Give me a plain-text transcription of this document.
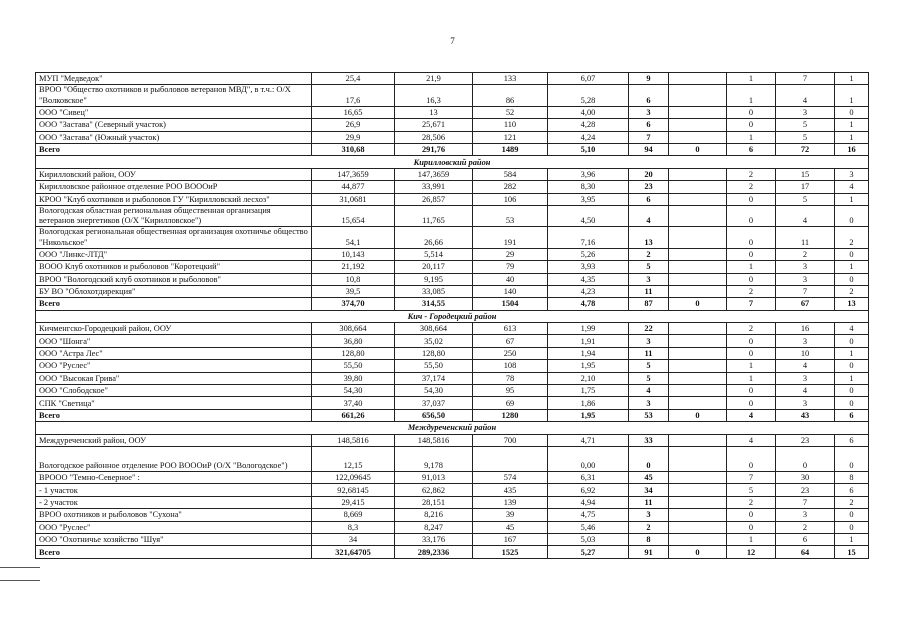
7
МУП "Медведок"	25,4	21,9	133	6,07	9		1	7	1
ВРОО "Общество охотников и рыболовов ветеранов МВД", в т.ч.: О/Х "Волковское"	17,6	16,3	86	5,28	6		1	4	1
ООО "Сивец"	16,65	13	52	4,00	3		0	3	0
ООО "Застава" (Северный участок)	26,9	25,671	110	4,28	6		0	5	1
ООО "Застава" (Южный участок)	29,9	28,506	121	4,24	7		1	5	1
Всего	310,68	291,76	1489	5,10	94	0	6	72	16
Кирилловский район									
Кирилловский район, ООУ	147,3659	147,3659	584	3,96	20		2	15	3
Кирилловское районное отделение РОО ВОООиР	44,877	33,991	282	8,30	23		2	17	4
КРОО "Клуб охотников и рыболовов ГУ "Кирилловский лесхоз"	31,0681	26,857	106	3,95	6		0	5	1
Вологодская областная региональная общественная организация ветеранов энергетиков (О/Х "Кирилловское")	15,654	11,765	53	4,50	4		0	4	0
Вологодская региональная общественная организация охотничье общество "Никольское"	54,1	26,66	191	7,16	13		0	11	2
ООО "Линкс-ЛТД"	10,143	5,514	29	5,26	2		0	2	0
ВООО Клуб охотников и рыболовов "Коротецкий"	21,192	20,117	79	3,93	5		1	3	1
ВРОО "Вологодский клуб охотников и рыболовов"	10,8	9,195	40	4,35	3		0	3	0
БУ ВО "Облохотдирекция"	39,5	33,085	140	4,23	11		2	7	2
Всего	374,70	314,55	1504	4,78	87	0	7	67	13
Кич - Городецкий район									
Кичменгско-Городецкий район, ООУ	308,664	308,664	613	1,99	22		2	16	4
ООО "Шонга"	36,80	35,02	67	1,91	3		0	3	0
ООО "Астра Лес"	128,80	128,80	250	1,94	11		0	10	1
ООО "Руслес"	55,50	55,50	108	1,95	5		1	4	0
ООО "Высокая Грива"	39,80	37,174	78	2,10	5		1	3	1
ООО "Слободское"	54,30	54,30	95	1,75	4		0	4	0
СПК "Светица"	37,40	37,037	69	1,86	3		0	3	0
Всего	661,26	656,50	1280	1,95	53	0	4	43	6
Междуреченский район									
Междуреченский район, ООУ	148,5816	148,5816	700	4,71	33		4	23	6
Вологодское районное отделение РОО ВОООиР (О/Х "Вологодское")	12,15	9,178		0,00	0		0	0	0
ВРООО "Темно-Северное" :	122,09645	91,013	574	6,31	45		7	30	8
- 1 участок	92,68145	62,862	435	6,92	34		5	23	6
- 2 участок	29,415	28,151	139	4,94	11		2	7	2
ВРОО охотников и рыболовов "Сухона"	8,669	8,216	39	4,75	3		0	3	0
ООО "Руслес"	8,3	8,247	45	5,46	2		0	2	0
ООО "Охотничье хозяйство "Шуя"	34	33,176	167	5,03	8		1	6	1
Всего	321,64705	289,2336	1525	5,27	91	0	12	64	15
